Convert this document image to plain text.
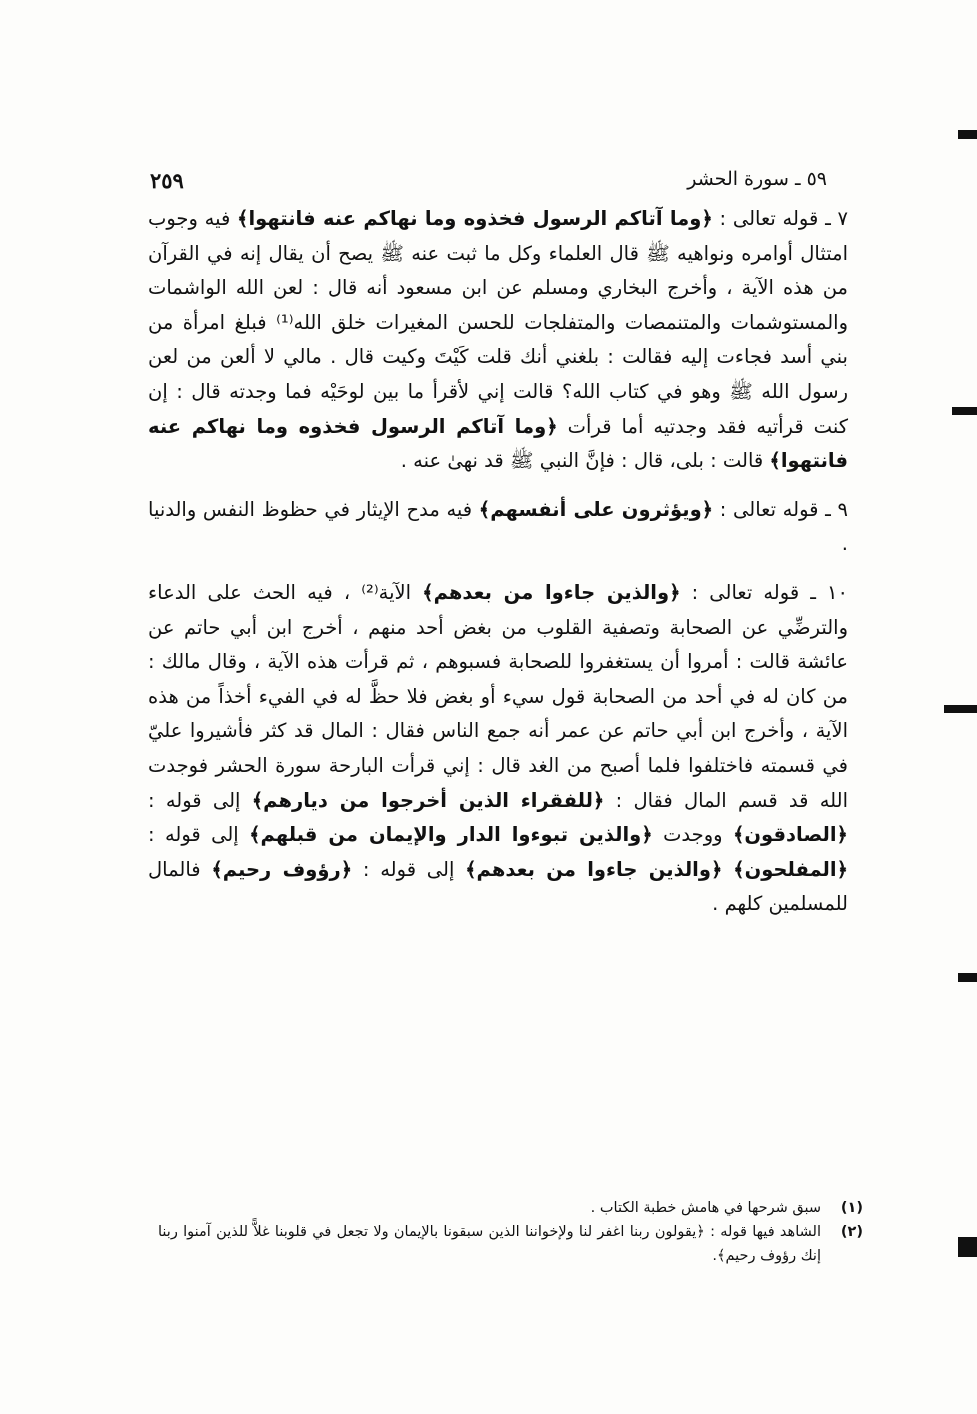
٥٩ ـ سورة الحشر
٢٥٩

٧ ـ قوله تعالى : ﴿وما آتاكم الرسول فخذوه وما نهاكم عنه فانتهوا﴾ فيه وجوب امتثال أوامره ونواهيه ﷺ قال العلماء وكل ما ثبت عنه ﷺ يصح أن يقال إنه في القرآن من هذه الآية ، وأخرج البخاري ومسلم عن ابن مسعود أنه قال : لعن الله الواشمات والمستوشمات والمتنمصات والمتفلجات للحسن المغيرات خلق الله⁽¹⁾ فبلغ امرأة من بني أسد فجاءت إليه فقالت : بلغني أنك قلت كَيْتَ وكيت قال . مالي لا ألعن من لعن رسول الله ﷺ وهو في كتاب الله؟ قالت إني لأقرأ ما بين لوحَيْه فما وجدته قال : إن كنت قرأتيه فقد وجدتيه أما قرأت ﴿وما آتاكم الرسول فخذوه وما نهاكم عنه فانتهوا﴾ قالت : بلى، قال : فإنَّ النبي ﷺ قد نهىٰ عنه .

٩ ـ قوله تعالى : ﴿ويؤثرون على أنفسهم﴾ فيه مدح الإيثار في حظوظ النفس والدنيا .

١٠ ـ قوله تعالى : ﴿والذين جاءوا من بعدهم﴾ الآية⁽²⁾ ، فيه الحث على الدعاء والترضِّي عن الصحابة وتصفية القلوب من بغض أحد منهم ، أخرج ابن أبي حاتم عن عائشة قالت : أمروا أن يستغفروا للصحابة فسبوهم ، ثم قرأت هذه الآية ، وقال مالك : من كان له في أحد من الصحابة قول سيء أو بغض فلا حظَّ له في الفيء أخذاً من هذه الآية ، وأخرج ابن أبي حاتم عن عمر أنه جمع الناس فقال : المال قد كثر فأشيروا عليّ في قسمته فاختلفوا فلما أصبح من الغد قال : إني قرأت البارحة سورة الحشر فوجدت الله قد قسم المال فقال : ﴿للفقراء الذين أخرجوا من ديارهم﴾ إلى قوله : ﴿الصادقون﴾ ووجدت ﴿والذين تبوءوا الدار والإيمان من قبلهم﴾ إلى قوله : ﴿المفلحون﴾ ﴿والذين جاءوا من بعدهم﴾ إلى قوله : ﴿رؤوف رحيم﴾ فالمال للمسلمين كلهم .

(١)
سبق شرحها في هامش خطبة الكتاب .
(٢)
الشاهد فيها قوله : ﴿يقولون ربنا اغفر لنا ولإخواننا الذين سبقونا بالإيمان ولا تجعل في قلوبنا غلاًّ للذين آمنوا ربنا إنك رؤوف رحيم﴾.
